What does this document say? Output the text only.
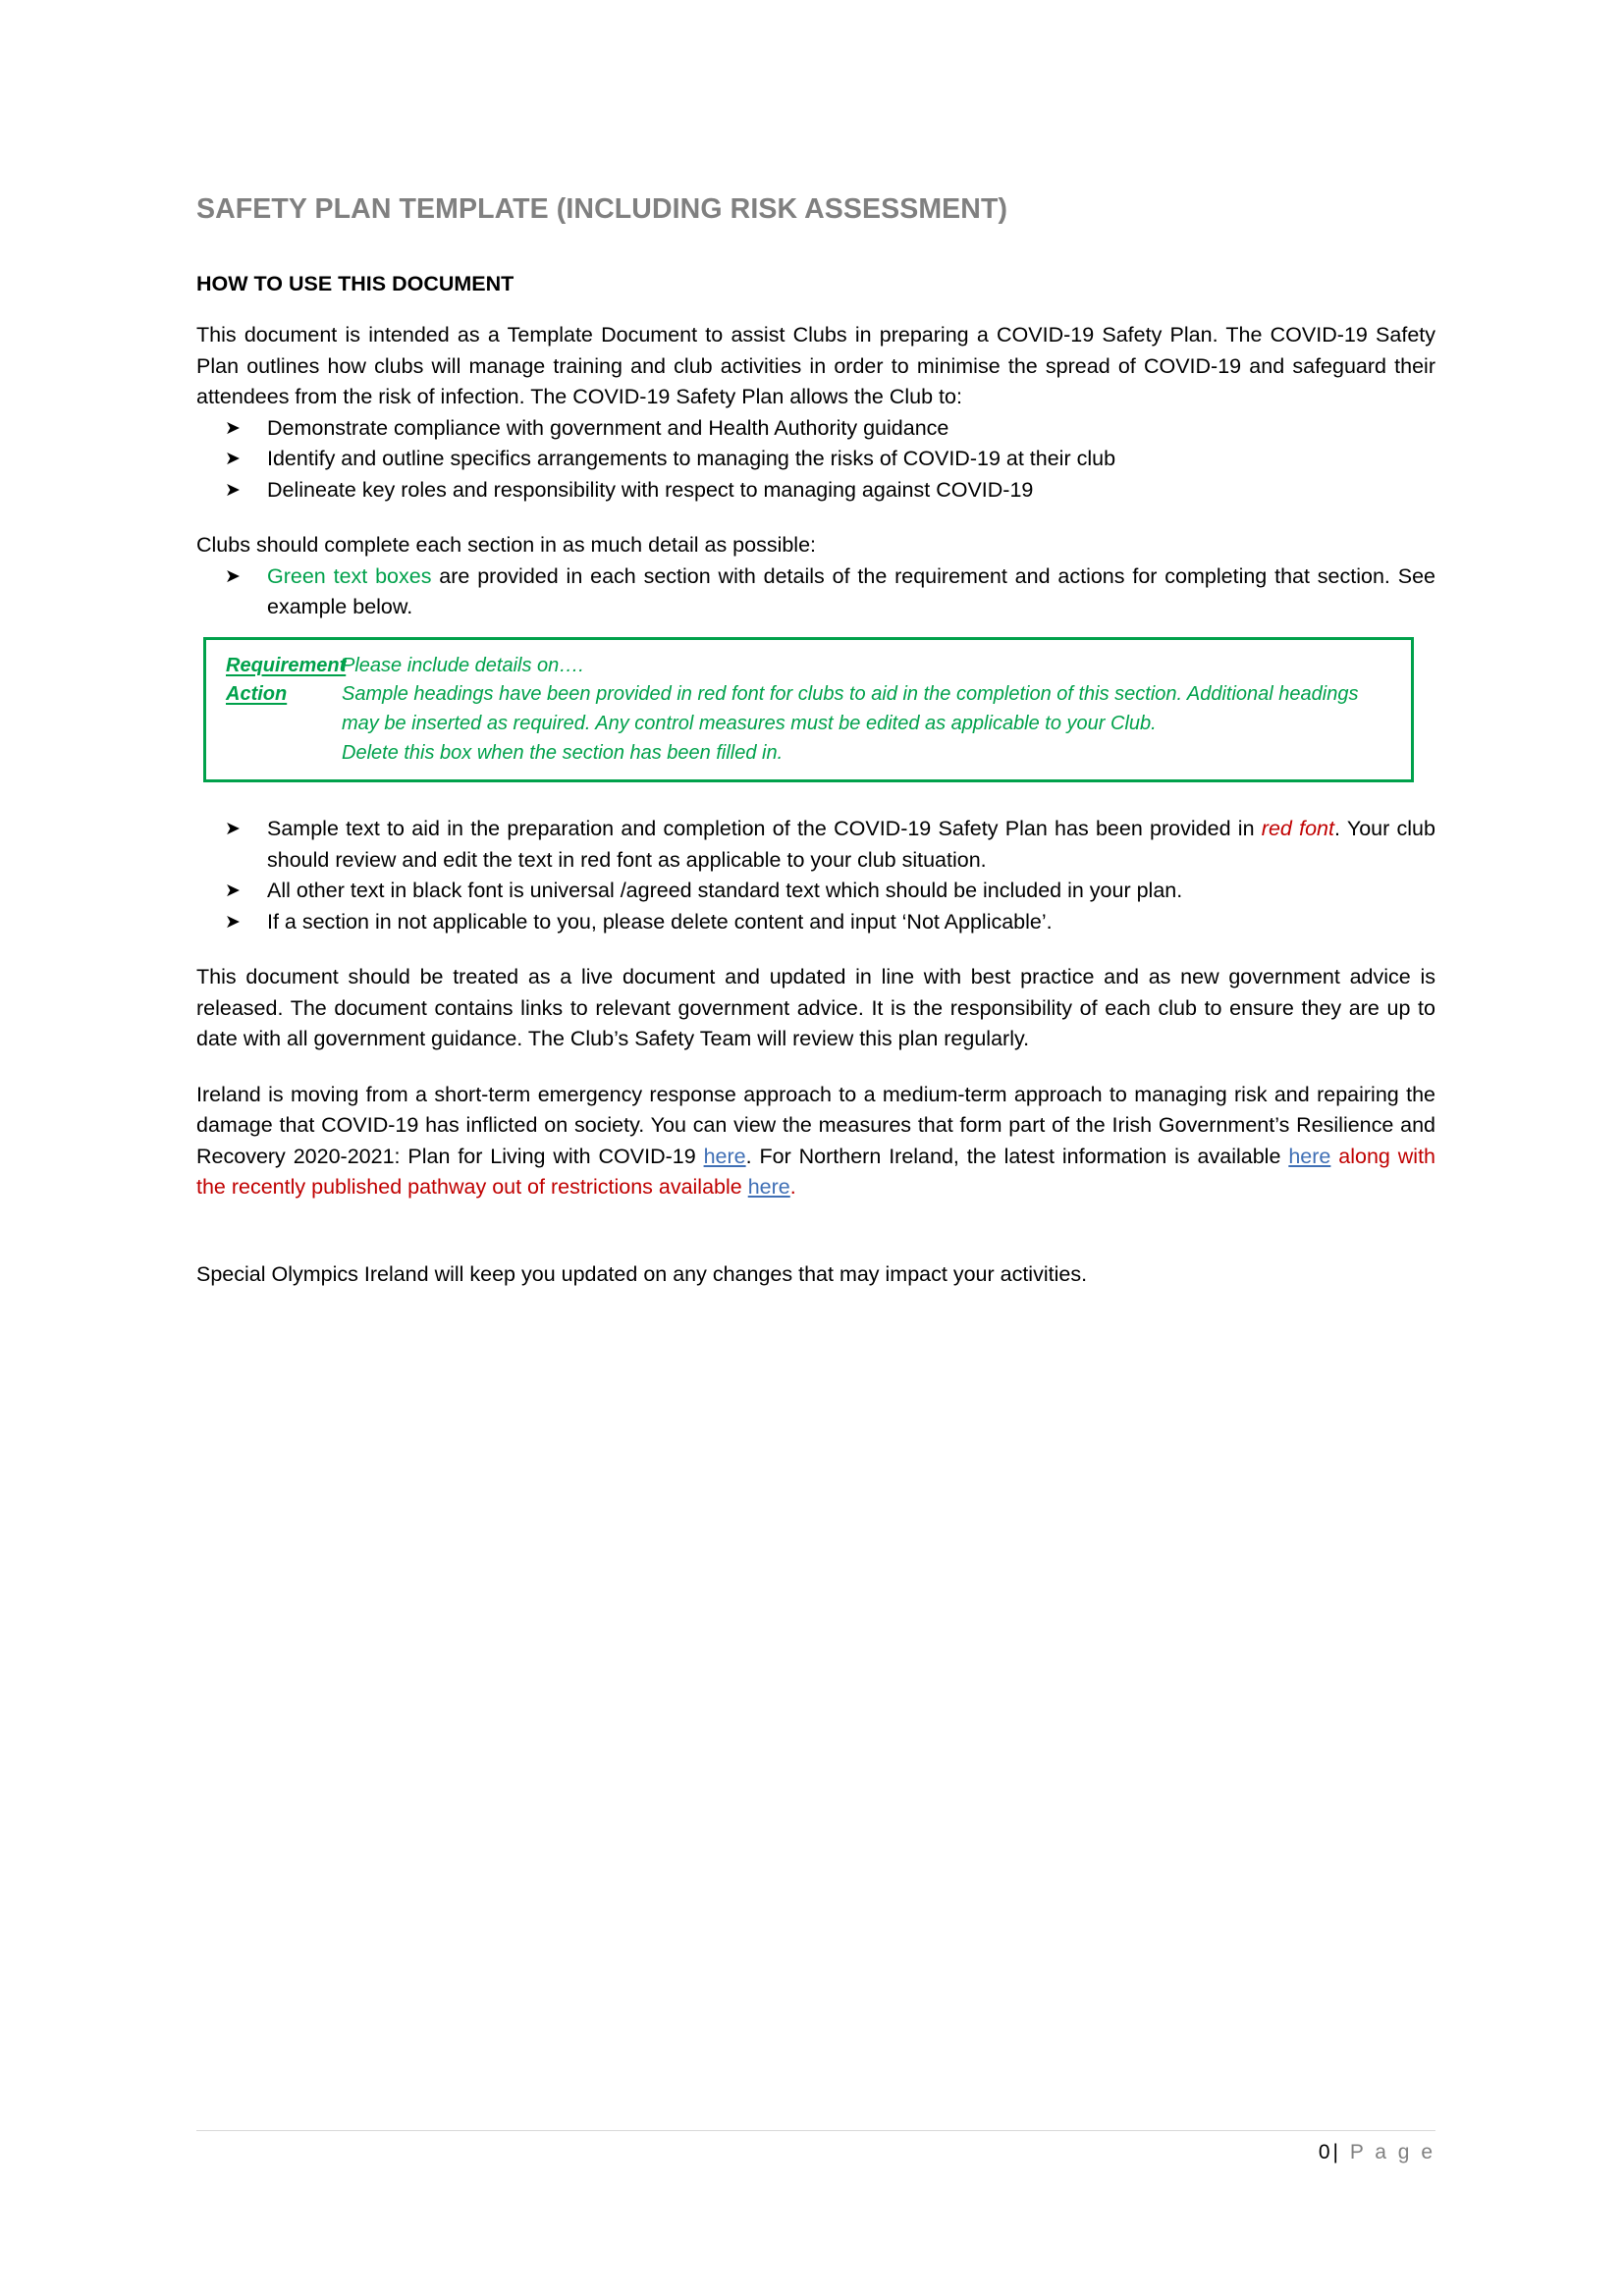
SAFETY PLAN TEMPLATE (INCLUDING RISK ASSESSMENT)
HOW TO USE THIS DOCUMENT

This document is intended as a Template Document to assist Clubs in preparing a COVID-19 Safety Plan. The COVID-19 Safety Plan outlines how clubs will manage training and club activities in order to minimise the spread of COVID-19 and safeguard their attendees from the risk of infection. The COVID-19 Safety Plan allows the Club to:

➤ Demonstrate compliance with government and Health Authority guidance
➤ Identify and outline specifics arrangements to managing the risks of COVID-19 at their club
➤ Delineate key roles and responsibility with respect to managing against COVID-19

Clubs should complete each section in as much detail as possible:

➤ Green text boxes are provided in each section with details of the requirement and actions for completing that section. See example below.
Requirement
Action
Please include details on….
Sample headings have been provided in red font for clubs to aid in the completion of this section. Additional headings may be inserted as required. Any control measures must be edited as applicable to your Club.
Delete this box when the section has been filled in.
➤ Sample text to aid in the preparation and completion of the COVID-19 Safety Plan has been provided in red font. Your club should review and edit the text in red font as applicable to your club situation.
➤ All other text in black font is universal /agreed standard text which should be included in your plan.
➤ If a section in not applicable to you, please delete content and input ‘Not Applicable’.

This document should be treated as a live document and updated in line with best practice and as new government advice is released. The document contains links to relevant government advice. It is the responsibility of each club to ensure they are up to date with all government guidance. The Club’s Safety Team will review this plan regularly.

Ireland is moving from a short-term emergency response approach to a medium-term approach to managing risk and repairing the damage that COVID-19 has inflicted on society. You can view the measures that form part of the Irish Government’s Resilience and Recovery 2020-2021: Plan for Living with COVID-19 here. For Northern Ireland, the latest information is available here along with the recently published pathway out of restrictions available here.

Special Olympics Ireland will keep you updated on any changes that may impact your activities.

0| P a g e
